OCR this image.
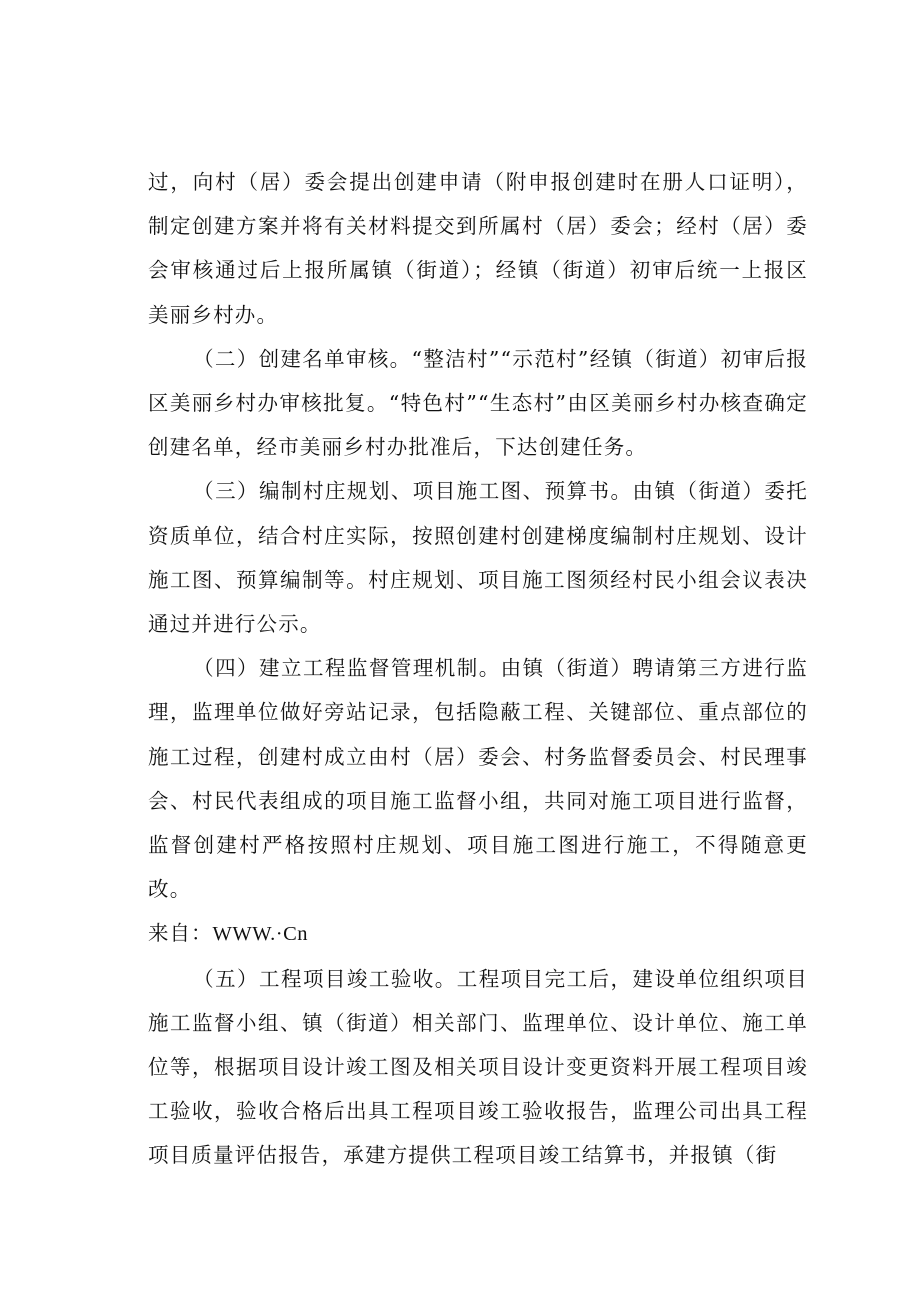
过，向村（居）委会提出创建申请（附申报创建时在册人口证明），制定创建方案并将有关材料提交到所属村（居）委会；经村（居）委会审核通过后上报所属镇（街道）；经镇（街道）初审后统一上报区美丽乡村办。

（二）创建名单审核。“整洁村”“示范村”经镇（街道）初审后报区美丽乡村办审核批复。“特色村”“生态村”由区美丽乡村办核查确定创建名单，经市美丽乡村办批准后，下达创建任务。

（三）编制村庄规划、项目施工图、预算书。由镇（街道）委托资质单位，结合村庄实际，按照创建村创建梯度编制村庄规划、设计施工图、预算编制等。村庄规划、项目施工图须经村民小组会议表决通过并进行公示。

（四）建立工程监督管理机制。由镇（街道）聘请第三方进行监理，监理单位做好旁站记录，包括隐蔽工程、关键部位、重点部位的施工过程，创建村成立由村（居）委会、村务监督委员会、村民理事会、村民代表组成的项目施工监督小组，共同对施工项目进行监督，监督创建村严格按照村庄规划、项目施工图进行施工，不得随意更改。

来自：WWW.·Cn

（五）工程项目竣工验收。工程项目完工后，建设单位组织项目施工监督小组、镇（街道）相关部门、监理单位、设计单位、施工单位等，根据项目设计竣工图及相关项目设计变更资料开展工程项目竣工验收，验收合格后出具工程项目竣工验收报告，监理公司出具工程项目质量评估报告，承建方提供工程项目竣工结算书，并报镇（街
